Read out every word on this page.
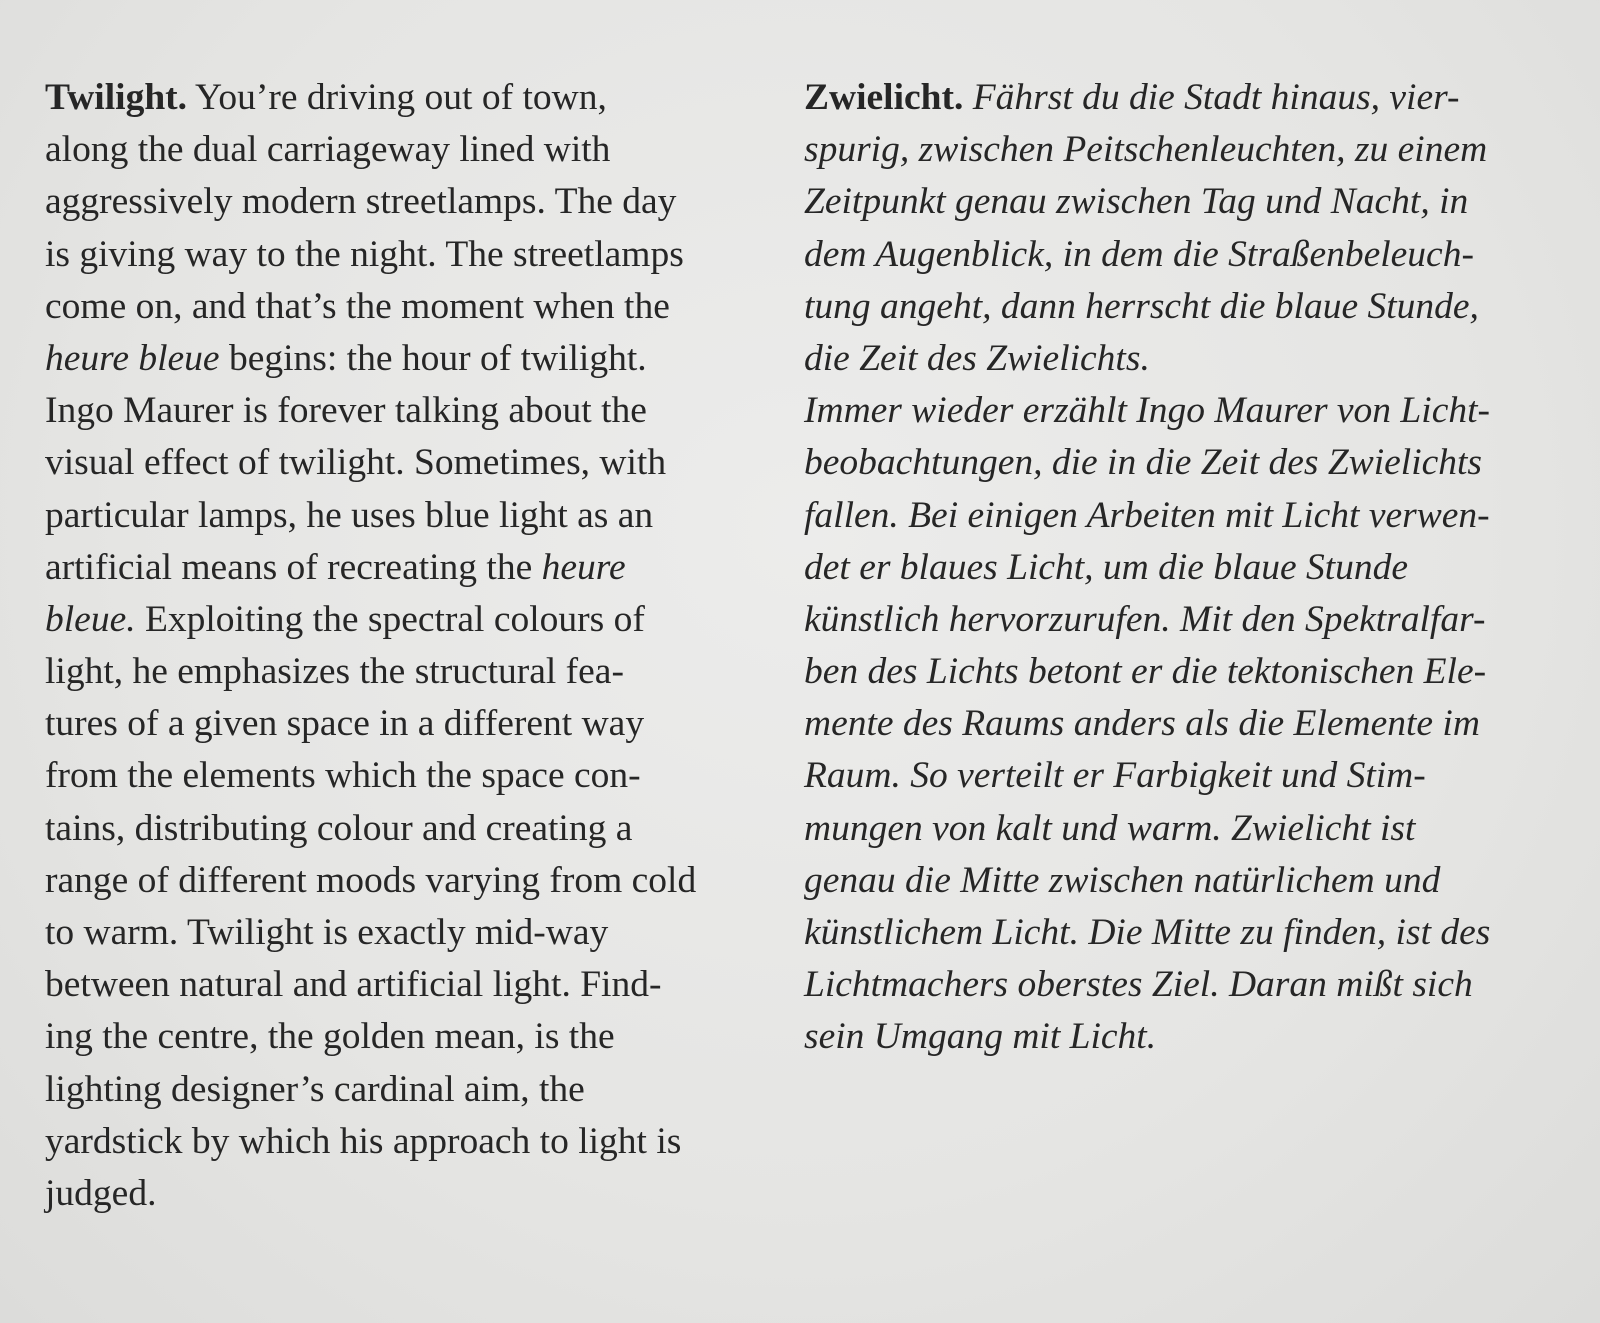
Twilight. You’re driving out of town,
along the dual carriageway lined with
aggressively modern streetlamps. The day
is giving way to the night. The streetlamps
come on, and that’s the moment when the
heure bleue begins: the hour of twilight.
Ingo Maurer is forever talking about the
visual effect of twilight. Sometimes, with
particular lamps, he uses blue light as an
artificial means of recreating the heure
bleue. Exploiting the spectral colours of
light, he emphasizes the structural fea-
tures of a given space in a different way
from the elements which the space con-
tains, distributing colour and creating a
range of different moods varying from cold
to warm. Twilight is exactly mid-way
between natural and artificial light. Find-
ing the centre, the golden mean, is the
lighting designer’s cardinal aim, the
yardstick by which his approach to light is
judged.
Zwielicht. Fährst du die Stadt hinaus, vier-
spurig, zwischen Peitschenleuchten, zu einem
Zeitpunkt genau zwischen Tag und Nacht, in
dem Augenblick, in dem die Straßenbeleuch-
tung angeht, dann herrscht die blaue Stunde,
die Zeit des Zwielichts.
Immer wieder erzählt Ingo Maurer von Licht-
beobachtungen, die in die Zeit des Zwielichts
fallen. Bei einigen Arbeiten mit Licht verwen-
det er blaues Licht, um die blaue Stunde
künstlich hervorzurufen. Mit den Spektralfar-
ben des Lichts betont er die tektonischen Ele-
mente des Raums anders als die Elemente im
Raum. So verteilt er Farbigkeit und Stim-
mungen von kalt und warm. Zwielicht ist
genau die Mitte zwischen natürlichem und
künstlichem Licht. Die Mitte zu finden, ist des
Lichtmachers oberstes Ziel. Daran mißt sich
sein Umgang mit Licht.
